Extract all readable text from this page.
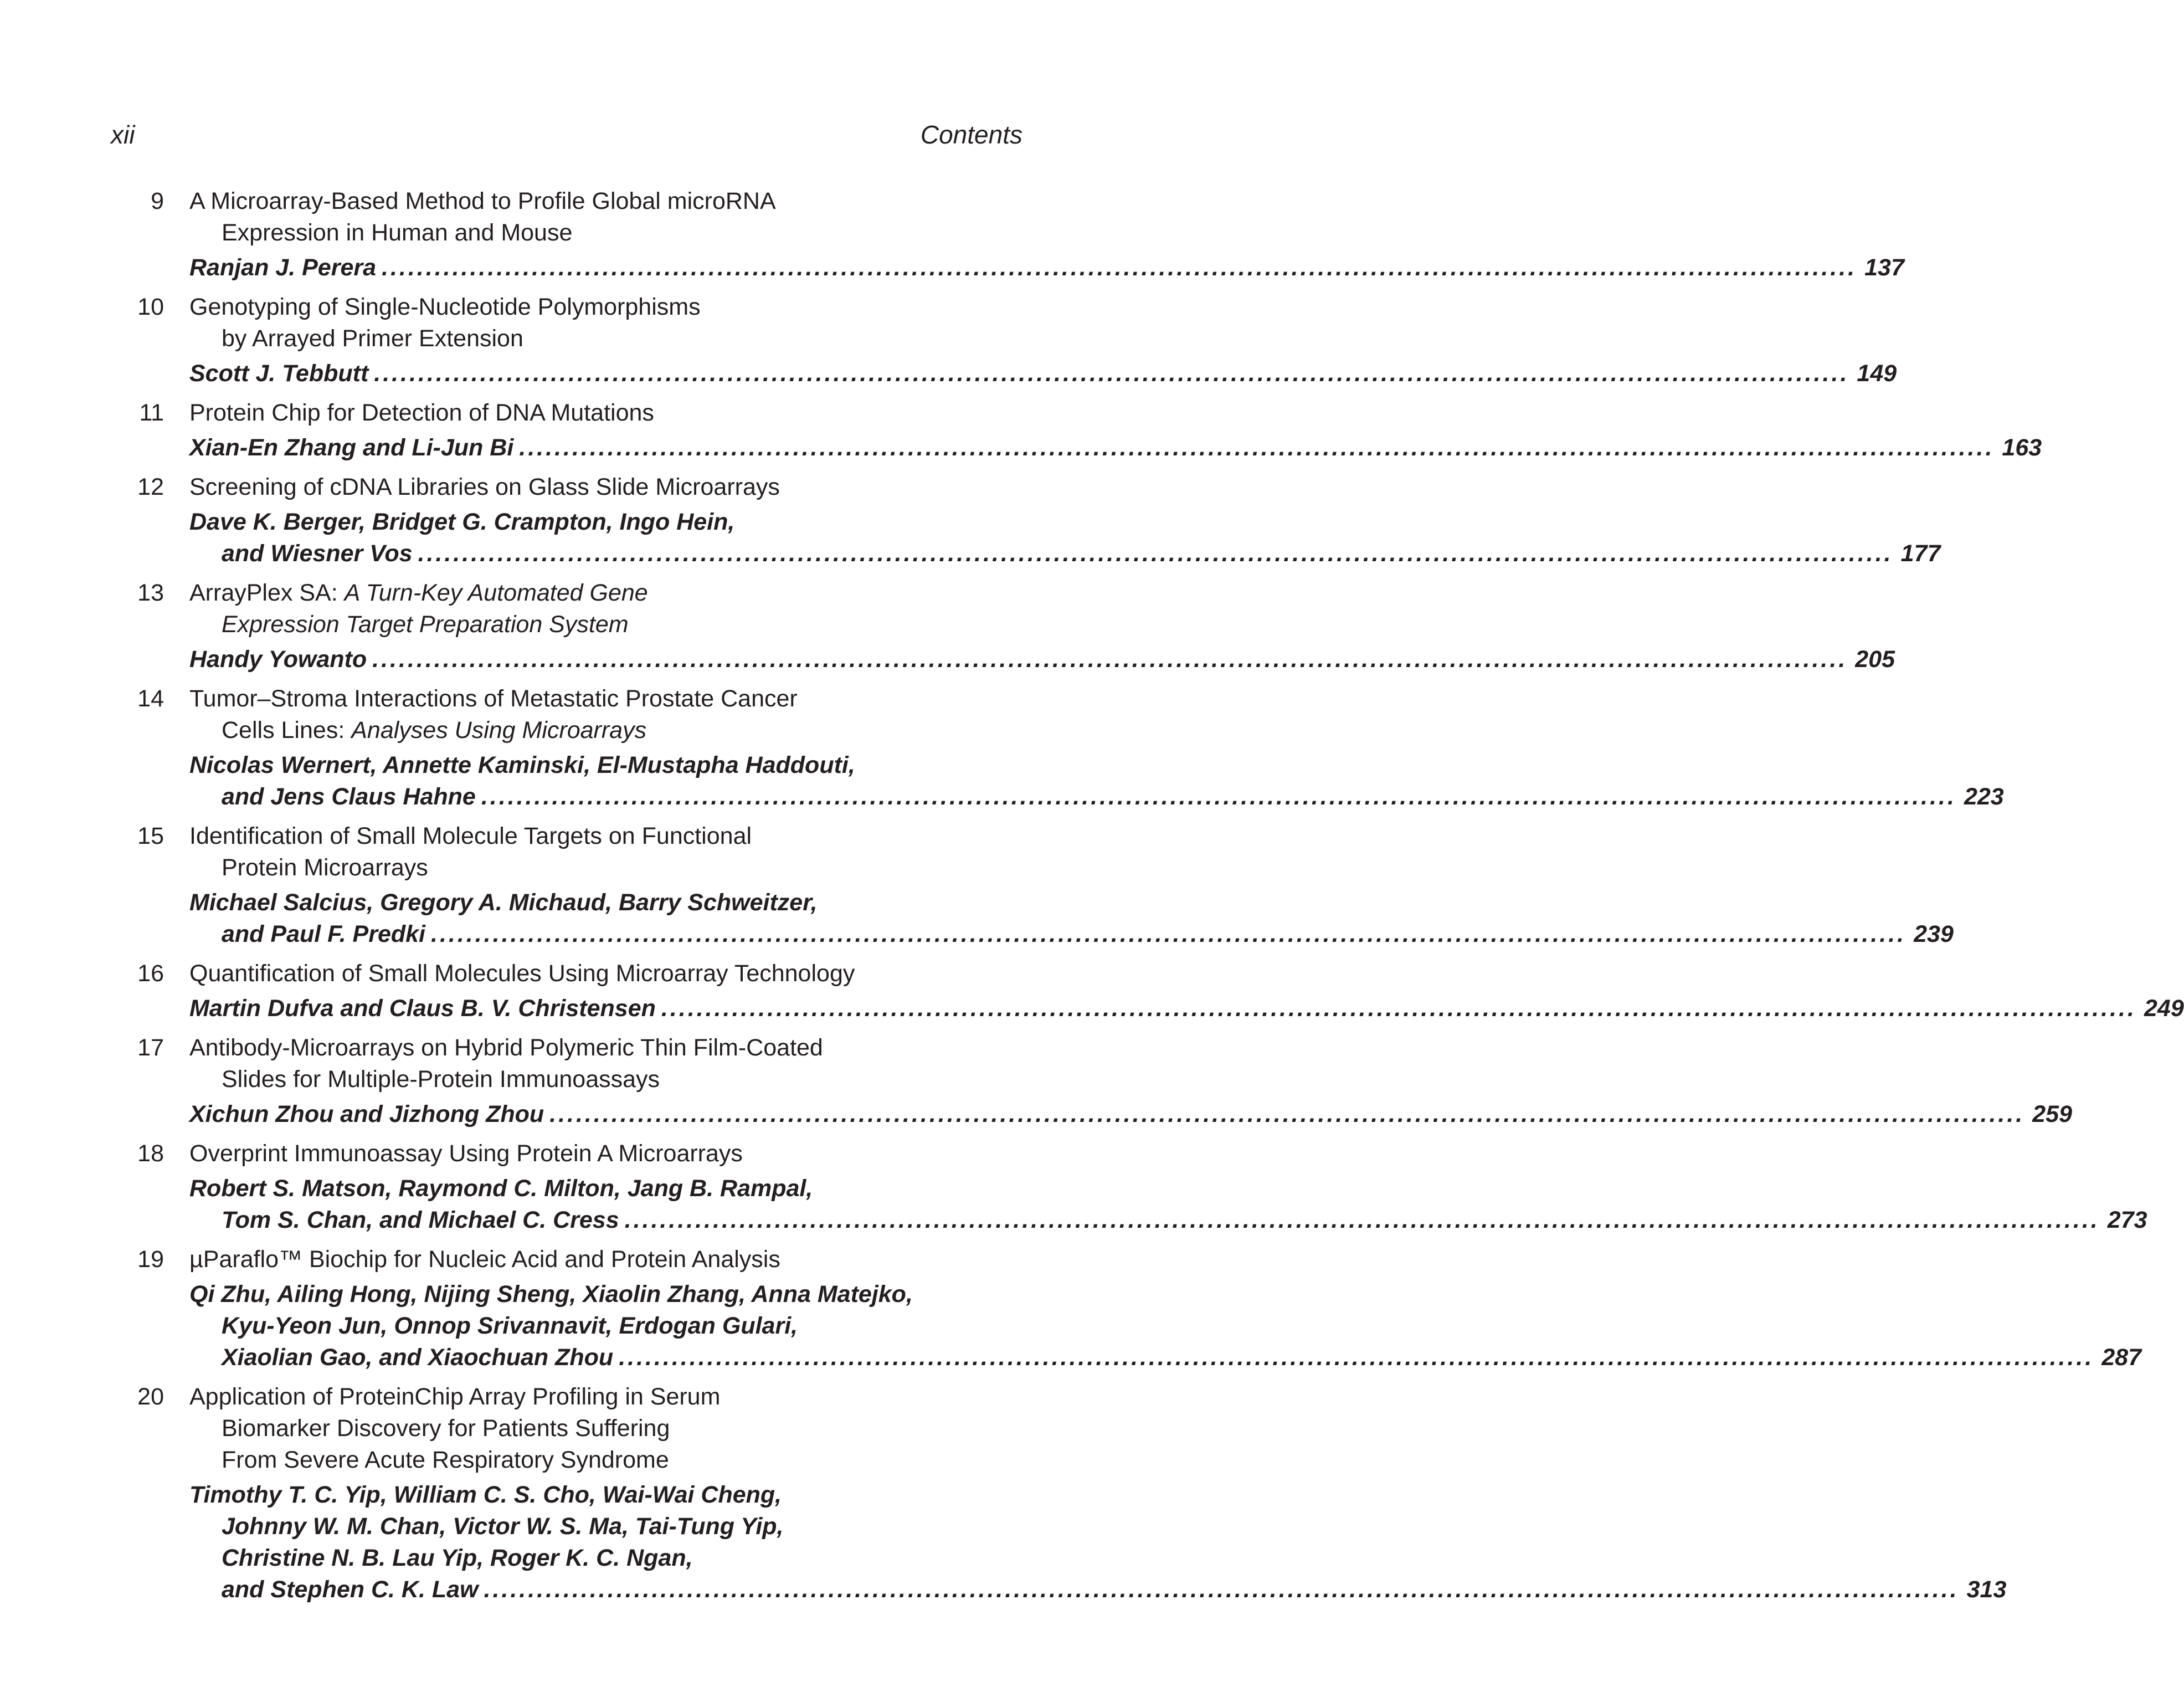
xii	Contents
9 A Microarray-Based Method to Profile Global microRNA
Expression in Human and Mouse
Ranjan J. Perera ....................................................................................................................................................................... 137
10 Genotyping of Single-Nucleotide Polymorphisms
by Arrayed Primer Extension
Scott J. Tebbutt ....................................................................................................................................................................... 149
11 Protein Chip for Detection of DNA Mutations
Xian-En Zhang and Li-Jun Bi ....................................................................................................................................................................... 163
12 Screening of cDNA Libraries on Glass Slide Microarrays
Dave K. Berger, Bridget G. Crampton, Ingo Hein,
and Wiesner Vos ....................................................................................................................................................................... 177
13 ArrayPlex SA: A Turn-Key Automated Gene
Expression Target Preparation System
Handy Yowanto ....................................................................................................................................................................... 205
14 Tumor–Stroma Interactions of Metastatic Prostate Cancer
Cells Lines: Analyses Using Microarrays
Nicolas Wernert, Annette Kaminski, El-Mustapha Haddouti,
and Jens Claus Hahne ....................................................................................................................................................................... 223
15 Identification of Small Molecule Targets on Functional
Protein Microarrays
Michael Salcius, Gregory A. Michaud, Barry Schweitzer,
and Paul F. Predki ....................................................................................................................................................................... 239
16 Quantification of Small Molecules Using Microarray Technology
Martin Dufva and Claus B. V. Christensen ....................................................................................................................................................................... 249
17 Antibody-Microarrays on Hybrid Polymeric Thin Film-Coated
Slides for Multiple-Protein Immunoassays
Xichun Zhou and Jizhong Zhou ....................................................................................................................................................................... 259
18 Overprint Immunoassay Using Protein A Microarrays
Robert S. Matson, Raymond C. Milton, Jang B. Rampal,
Tom S. Chan, and Michael C. Cress ....................................................................................................................................................................... 273
19 µParaflo™ Biochip for Nucleic Acid and Protein Analysis
Qi Zhu, Ailing Hong, Nijing Sheng, Xiaolin Zhang, Anna Matejko,
Kyu-Yeon Jun, Onnop Srivannavit, Erdogan Gulari,
Xiaolian Gao, and Xiaochuan Zhou ....................................................................................................................................................................... 287
20 Application of ProteinChip Array Profiling in Serum
Biomarker Discovery for Patients Suffering
From Severe Acute Respiratory Syndrome
Timothy T. C. Yip, William C. S. Cho, Wai-Wai Cheng,
Johnny W. M. Chan, Victor W. S. Ma, Tai-Tung Yip,
Christine N. B. Lau Yip, Roger K. C. Ngan,
and Stephen C. K. Law ....................................................................................................................................................................... 313
